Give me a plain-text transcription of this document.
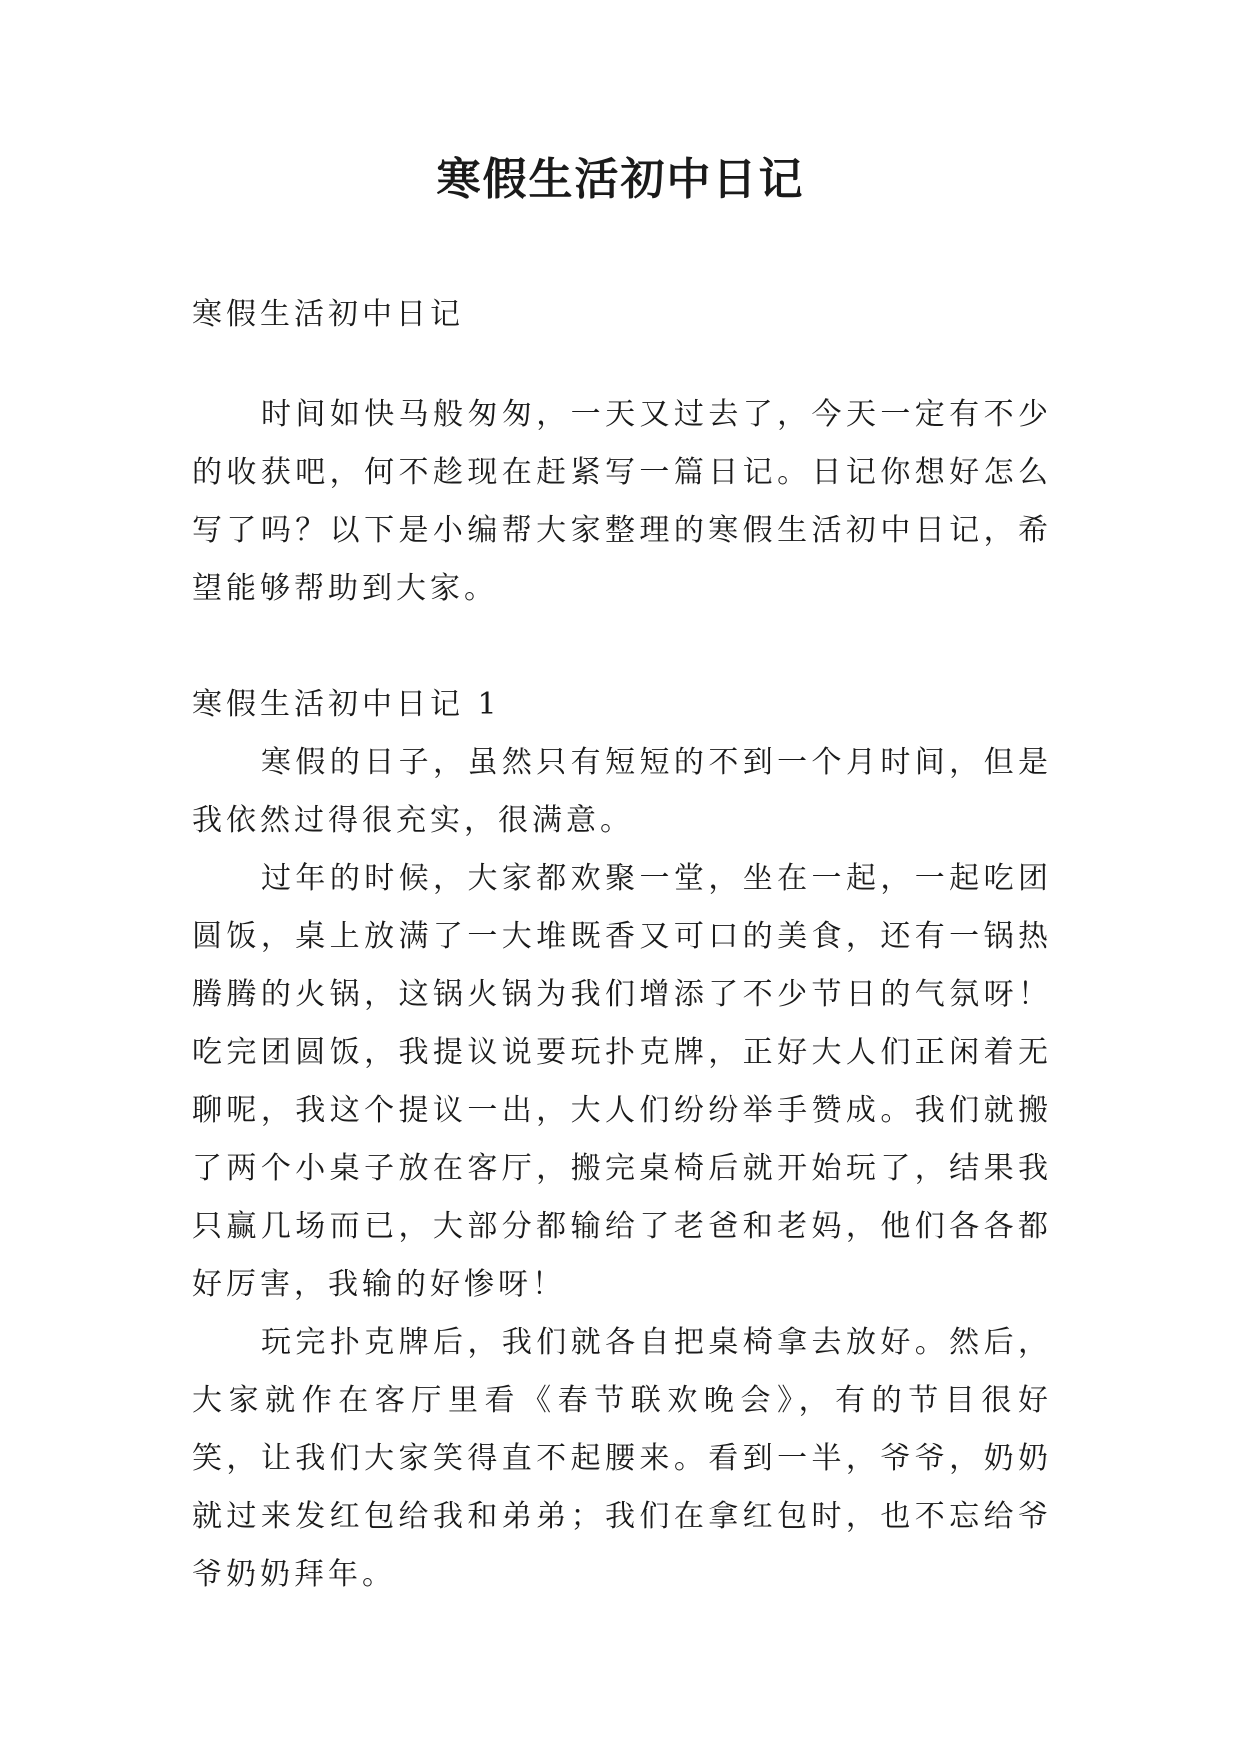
寒假生活初中日记

寒假生活初中日记

时间如快马般匆匆，一天又过去了，今天一定有不少的收获吧，何不趁现在赶紧写一篇日记。日记你想好怎么写了吗？以下是小编帮大家整理的寒假生活初中日记，希望能够帮助到大家。

寒假生活初中日记 1

寒假的日子，虽然只有短短的不到一个月时间，但是我依然过得很充实，很满意。

过年的时候，大家都欢聚一堂，坐在一起，一起吃团圆饭，桌上放满了一大堆既香又可口的美食，还有一锅热腾腾的火锅，这锅火锅为我们增添了不少节日的气氛呀！吃完团圆饭，我提议说要玩扑克牌，正好大人们正闲着无聊呢，我这个提议一出，大人们纷纷举手赞成。我们就搬了两个小桌子放在客厅，搬完桌椅后就开始玩了，结果我只赢几场而已，大部分都输给了老爸和老妈，他们各各都好厉害，我输的好惨呀！

玩完扑克牌后，我们就各自把桌椅拿去放好。然后，大家就作在客厅里看《春节联欢晚会》，有的节目很好笑，让我们大家笑得直不起腰来。看到一半，爷爷，奶奶就过来发红包给我和弟弟；我们在拿红包时，也不忘给爷爷奶奶拜年。
